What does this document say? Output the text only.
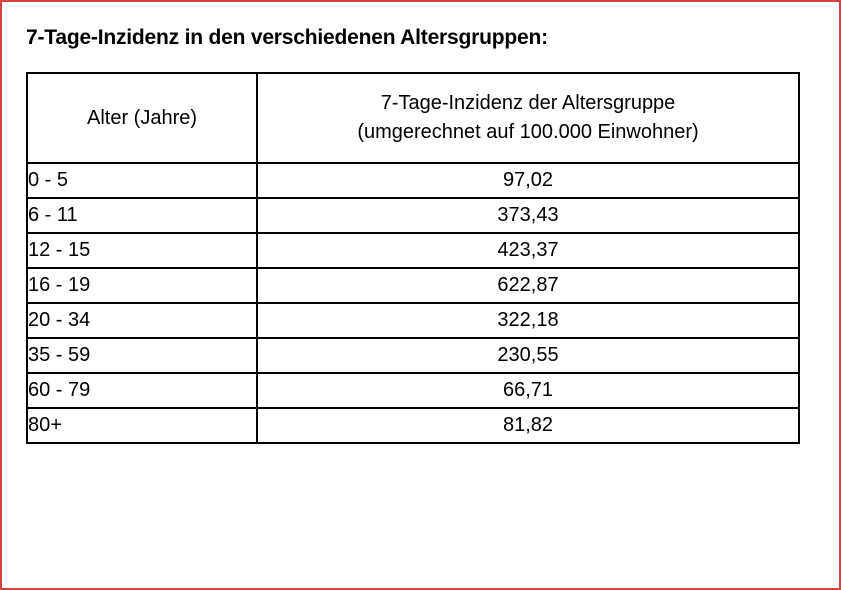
7-Tage-Inzidenz in den verschiedenen Altersgruppen:
Alter (Jahre)	7-Tage-Inzidenz der Altersgruppe
(umgerechnet auf 100.000 Einwohner)

0 - 5	97,02
6 - 11	373,43
12 - 15	423,37
16 - 19	622,87
20 - 34	322,18
35 - 59	230,55
60 - 79	66,71
80+	81,82
